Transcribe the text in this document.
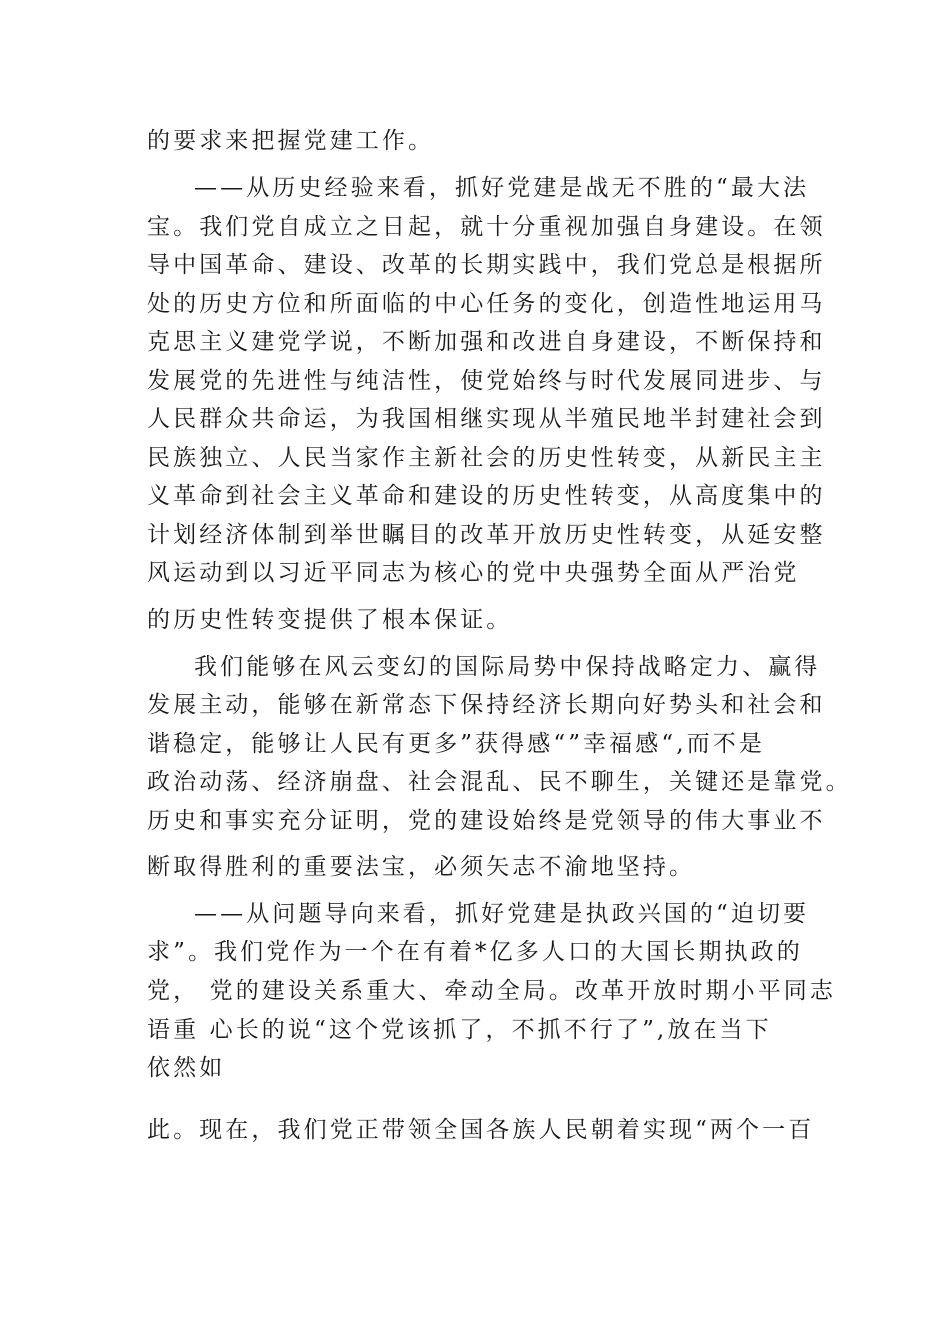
的要求来把握党建工作。
——从历史经验来看，抓好党建是战无不胜的“最大法
宝。我们党自成立之日起，就十分重视加强自身建设。在领
导中国革命、建设、改革的长期实践中，我们党总是根据所
处的历史方位和所面临的中心任务的变化，创造性地运用马
克思主义建党学说，不断加强和改进自身建设，不断保持和
发展党的先进性与纯洁性，使党始终与时代发展同进步、与
人民群众共命运，为我国相继实现从半殖民地半封建社会到
民族独立、人民当家作主新社会的历史性转变，从新民主主
义革命到社会主义革命和建设的历史性转变，从高度集中的
计划经济体制到举世瞩目的改革开放历史性转变，从延安整
风运动到以习近平同志为核心的党中央强势全面从严治党
的历史性转变提供了根本保证。
我们能够在风云变幻的国际局势中保持战略定力、赢得
发展主动，能够在新常态下保持经济长期向好势头和社会和
谐稳定，能够让人民有更多”获得感“”幸福感“,而不是
政治动荡、经济崩盘、社会混乱、民不聊生，关键还是靠党。
历史和事实充分证明，党的建设始终是党领导的伟大事业不
断取得胜利的重要法宝，必须矢志不渝地坚持。
——从问题导向来看，抓好党建是执政兴国的“迫切要
求”。我们党作为一个在有着*亿多人口的大国长期执政的
党， 党的建设关系重大、牵动全局。改革开放时期小平同志
语重 心长的说“这个党该抓了，不抓不行了”,放在当下
依然如
此。现在，我们党正带领全国各族人民朝着实现“两个一百
